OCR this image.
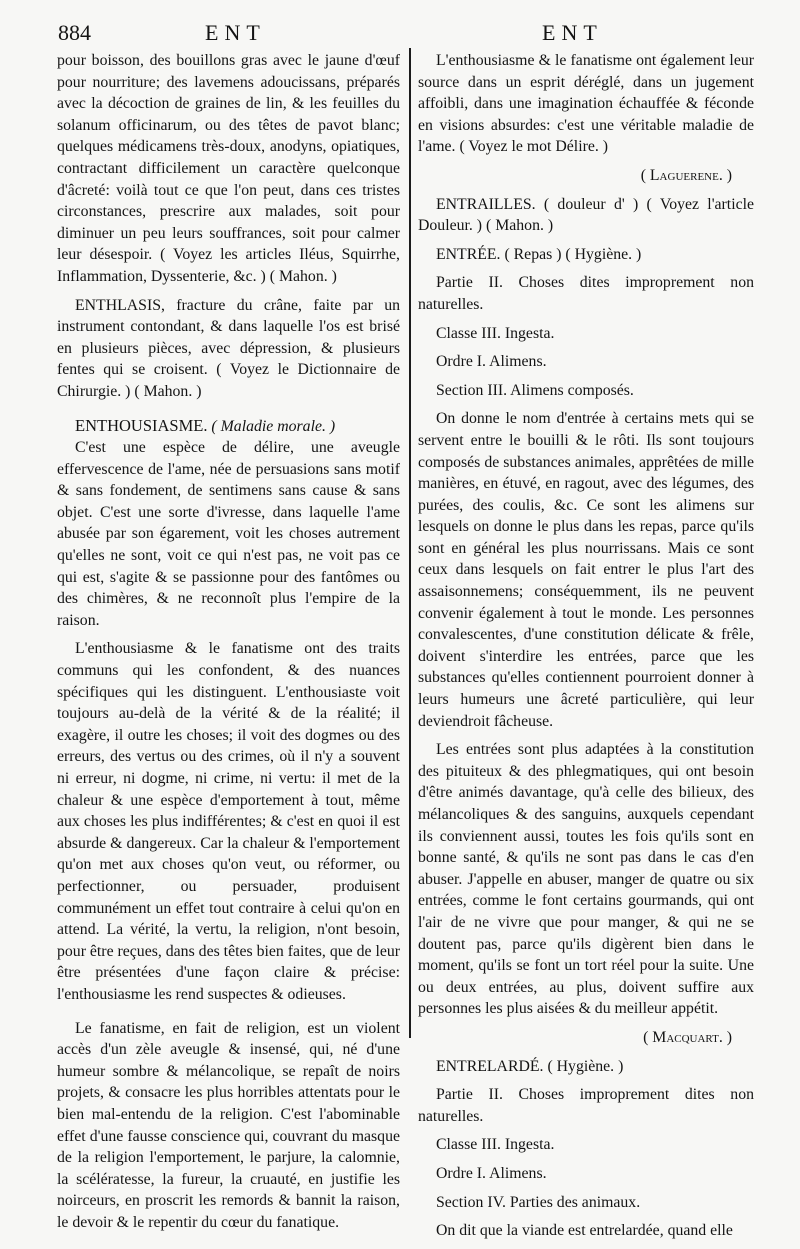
884	ENT	ENT

pour boisson, des bouillons gras avec le jaune d'œuf pour nourriture; des lavemens adoucissans, préparés avec la décoction de graines de lin, & les feuilles du solanum officinarum, ou des têtes de pavot blanc; quelques médicamens très-doux, anodyns, opiatiques, contractant difficilement un caractère quelconque d'âcreté: voilà tout ce que l'on peut, dans ces tristes circonstances, prescrire aux malades, soit pour diminuer un peu leurs souffrances, soit pour calmer leur désespoir. ( Voyez les articles Iléus, Squirrhe, Inflammation, Dyssenterie, &c. ) ( Mahon. )

ENTHLASIS, fracture du crâne, faite par un instrument contondant, & dans laquelle l'os est brisé en plusieurs pièces, avec dépression, & plusieurs fentes qui se croisent. ( Voyez le Dictionnaire de Chirurgie. ) ( Mahon. )

ENTHOUSIASME. ( Maladie morale. )

C'est une espèce de délire, une aveugle effervescence de l'ame, née de persuasions sans motif & sans fondement, de sentimens sans cause & sans objet. C'est une sorte d'ivresse, dans laquelle l'ame abusée par son égarement, voit les choses autrement qu'elles ne sont, voit ce qui n'est pas, ne voit pas ce qui est, s'agite & se passionne pour des fantômes ou des chimères, & ne reconnoît plus l'empire de la raison.

L'enthousiasme & le fanatisme ont des traits communs qui les confondent, & des nuances spécifiques qui les distinguent. L'enthousiaste voit toujours au-delà de la vérité & de la réalité; il exagère, il outre les choses; il voit des dogmes ou des erreurs, des vertus ou des crimes, où il n'y a souvent ni erreur, ni dogme, ni crime, ni vertu: il met de la chaleur & une espèce d'emportement à tout, même aux choses les plus indifférentes; & c'est en quoi il est absurde & dangereux. Car la chaleur & l'emportement qu'on met aux choses qu'on veut, ou réformer, ou perfectionner, ou persuader, produisent communément un effet tout contraire à celui qu'on en attend. La vérité, la vertu, la religion, n'ont besoin, pour être reçues, dans des têtes bien faites, que de leur être présentées d'une façon claire & précise: l'enthousiasme les rend suspectes & odieuses.

Le fanatisme, en fait de religion, est un violent accès d'un zèle aveugle & insensé, qui, né d'une humeur sombre & mélancolique, se repaît de noirs projets, & consacre les plus horribles attentats pour le bien mal-entendu de la religion. C'est l'abominable effet d'une fausse conscience qui, couvrant du masque de la religion l'emportement, le parjure, la calomnie, la scélératesse, la fureur, la cruauté, en justifie les noirceurs, en proscrit les remords & bannit la raison, le devoir & le repentir du cœur du fanatique.

L'enthousiasme & le fanatisme ont également leur source dans un esprit déréglé, dans un jugement affoibli, dans une imagination échauffée & féconde en visions absurdes: c'est une véritable maladie de l'ame. ( Voyez le mot Délire. )

( Laguerene. )

ENTRAILLES. ( douleur d' ) ( Voyez l'article Douleur. ) ( Mahon. )

ENTRÉE. ( Repas ) ( Hygiène. )

Partie II. Choses dites improprement non naturelles.

Classe III. Ingesta.

Ordre I. Alimens.

Section III. Alimens composés.

On donne le nom d'entrée à certains mets qui se servent entre le bouilli & le rôti. Ils sont toujours composés de substances animales, apprêtées de mille manières, en étuvé, en ragout, avec des légumes, des purées, des coulis, &c. Ce sont les alimens sur lesquels on donne le plus dans les repas, parce qu'ils sont en général les plus nourrissans. Mais ce sont ceux dans lesquels on fait entrer le plus l'art des assaisonnemens; conséquemment, ils ne peuvent convenir également à tout le monde. Les personnes convalescentes, d'une constitution délicate & frêle, doivent s'interdire les entrées, parce que les substances qu'elles contiennent pourroient donner à leurs humeurs une âcreté particulière, qui leur deviendroit fâcheuse.

Les entrées sont plus adaptées à la constitution des pituiteux & des phlegmatiques, qui ont besoin d'être animés davantage, qu'à celle des bilieux, des mélancoliques & des sanguins, auxquels cependant ils conviennent aussi, toutes les fois qu'ils sont en bonne santé, & qu'ils ne sont pas dans le cas d'en abuser. J'appelle en abuser, manger de quatre ou six entrées, comme le font certains gourmands, qui ont l'air de ne vivre que pour manger, & qui ne se doutent pas, parce qu'ils digèrent bien dans le moment, qu'ils se font un tort réel pour la suite. Une ou deux entrées, au plus, doivent suffire aux personnes les plus aisées & du meilleur appétit.

( Macquart. )

ENTRELARDÉ. ( Hygiène. )

Partie II. Choses improprement dites non naturelles.

Classe III. Ingesta.

Ordre I. Alimens.

Section IV. Parties des animaux.

On dit que la viande est entrelardée, quand elle
